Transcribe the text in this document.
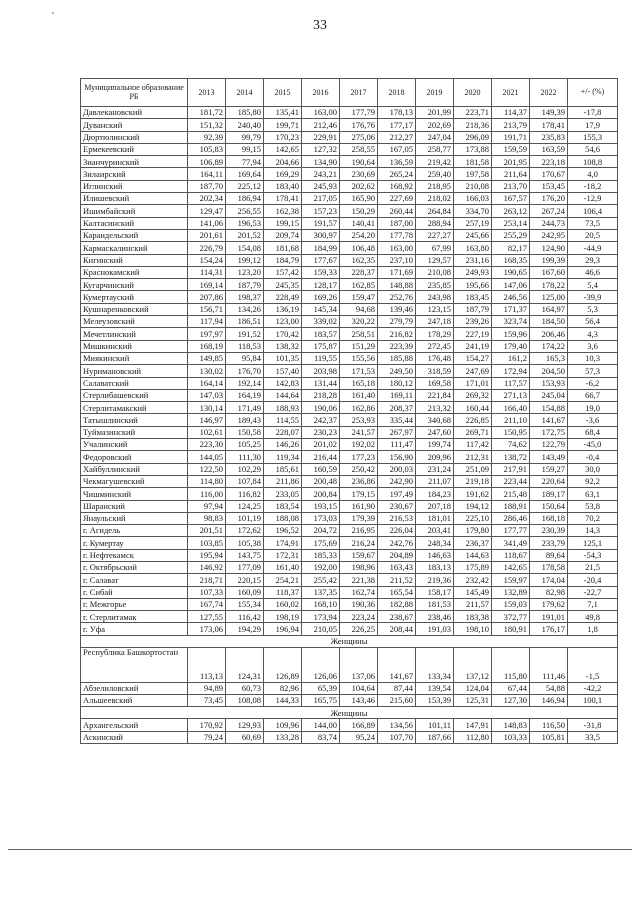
33
Муниципальное образование РБ	2013	2014	2015	2016	2017	2018	2019	2020	2021	2022	+/- (%)
Давлекановский	181,72	185,80	135,41	163,00	177,79	178,13	201,99	223,71	114,37	149,39	-17,8
Дуванский	151,32	240,40	199,71	212,46	176,76	177,17	202,69	218,36	213,79	178,41	17,9
Дюртюлинский	92,39	99,79	170,23	229,91	275,06	212,27	247,04	296,09	191,71	235,83	155,3
Ермекеевский	105,83	99,15	142,65	127,32	258,55	167,05	258,77	173,88	159,59	163,59	54,6
Зианчуринский	106,89	77,94	204,66	134,90	190,64	136,59	219,42	181,58	201,95	223,18	108,8
Зилаирский	164,11	169,64	169,29	243,21	230,69	265,24	259,40	197,58	211,64	170,67	4,0
Иглинский	187,70	225,12	183,40	245,93	202,62	168,92	218,95	210,08	213,70	153,45	-18,2
Илишевский	202,34	186,94	178,41	217,05	165,90	227,69	218,02	166,03	167,57	176,20	-12,9
Ишимбайский	129,47	256,55	162,38	157,23	150,29	260,44	264,84	334,70	263,12	267,24	106,4
Калтасинский	141,06	196,53	199,15	191,57	140,41	187,00	288,94	257,19	253,14	244,73	73,5
Караидельский	201,61	201,52	209,74	300,97	254,20	177,78	227,27	245,66	255,29	242,95	20,5
Кармаскалинский	226,79	154,08	181,68	184,99	106,48	163,00	67,99	163,80	82,17	124,90	-44,9
Кигинский	154,24	199,12	184,79	177,67	162,35	237,10	129,57	231,16	168,35	199,39	29,3
Краснокамский	114,31	123,20	157,42	159,33	228,37	171,69	210,08	249,93	190,65	167,60	46,6
Кугарчинский	169,14	187,79	245,35	128,17	162,85	148,88	235,85	195,66	147,06	178,22	5,4
Кумертауский	207,86	198,37	228,49	169,26	159,47	252,76	243,98	183,45	246,56	125,00	-39,9
Кушнаренковский	156,71	134,26	136,19	145,34	94,68	139,46	123,15	187,79	171,37	164,97	5,3
Мелеузовский	117,94	186,51	123,00	339,02	320,22	279,79	247,18	239,26	323,74	184,50	56,4
Мечетлинский	197,97	191,52	170,42	183,57	258,51	216,82	178,29	227,19	159,96	206,46	4,3
Мишкинский	168,19	118,53	138,32	175,87	151,29	223,39	272,45	241,19	179,40	174,22	3,6
Миякинский	149,85	95,84	101,35	119,55	155,56	185,88	176,48	154,27	161,2	165,3	10,3
Нуримановский	130,02	176,70	157,40	203,98	171,53	249,50	318,59	247,69	172,94	204,50	57,3
Салаватский	164,14	192,14	142,83	131,44	165,18	180,12	169,58	171,01	117,57	153,93	-6,2
Стерлибашевский	147,03	164,19	144,64	218,28	161,40	169,11	221,84	269,32	271,13	245,04	66,7
Стерлитамакский	130,14	171,49	188,93	190,06	162,86	208,37	213,32	160,44	166,40	154,88	19,0
Татышлинский	146,97	189,43	114,55	242,37	253,93	335,44	340,68	226,85	211,10	141,67	-3,6
Туймазинский	102,61	150,58	228,07	230,23	241,57	267,97	247,60	269,71	150,95	172,75	68,4
Учалинский	223,30	105,25	146,26	201,02	192,02	111,47	199,74	117,42	74,62	122,79	-45,0
Федоровский	144,05	111,30	119,34	216,44	177,23	156,90	209,96	212,31	138,72	143,49	-0,4
Хайбуллинский	122,50	102,29	185,61	160,59	250,42	200,03	231,24	251,09	217,91	159,27	30,0
Чекмагушевский	114,80	107,84	211,86	200,48	236,86	242,90	211,07	219,18	223,44	220,64	92,2
Чишминский	116,00	116,82	233,05	200,84	179,15	197,49	184,23	191,62	215,48	189,17	63,1
Шаранский	97,94	124,25	183,54	193,15	161,90	230,67	207,18	194,12	188,91	150,64	53,8
Янаульский	98,83	101,19	188,08	173,03	179,39	216,53	181,01	225,10	286,46	168,18	70,2
г. Агидель	201,51	172,62	196,52	204,72	216,95	226,04	203,41	179,80	177,77	230,39	14,3
г. Кумертау	103,85	105,38	174,91	175,69	216,24	242,76	248,34	236,37	341,49	233,79	125,1
г. Нефтекамск	195,94	143,75	172,31	185,33	159,67	204,89	146,63	144,63	118,67	89,64	-54,3
г. Октябрьский	146,92	177,09	161,40	192,00	198,96	163,43	183,13	175,89	142,65	178,58	21,5
г. Салават	218,71	220,15	254,21	255,42	221,38	211,52	219,36	232,42	159,97	174,04	-20,4
г. Сибай	107,33	160,09	118,37	137,35	162,74	165,54	158,17	145,49	132,89	82,98	-22,7
г. Межгорье	167,74	155,34	160,02	168,10	190,36	182,88	181,53	211,57	159,03	179,62	7,1
г. Стерлитамак	127,55	116,42	198,19	173,94	223,24	238,67	238,46	183,38	372,77	191,01	49,8
г. Уфа	173,06	194,29	196,94	210,05	226,25	208,44	191,03	198,10	180,91	176,17	1,8
Женщины											
Республика Башкортостан	113,13	124,31	126,89	126,06	137,06	141,67	133,34	137,12	115,80	111,46	-1,5
Абзелиловский	94,89	60,73	82,96	65,39	104,64	87,44	139,54	124,04	67,44	54,88	-42,2
Альшеевский	73,45	108,08	144,33	165,75	143,46	215,60	153,39	125,31	127,30	146,94	100,1
Женщины											
Архангельский	170,92	129,93	109,96	144,00	166,89	134,56	101,11	147,91	148,83	116,50	-31,8
Аскинский	79,24	60,69	133,28	83,74	95,24	107,70	187,66	112,80	103,33	105,81	33,5
